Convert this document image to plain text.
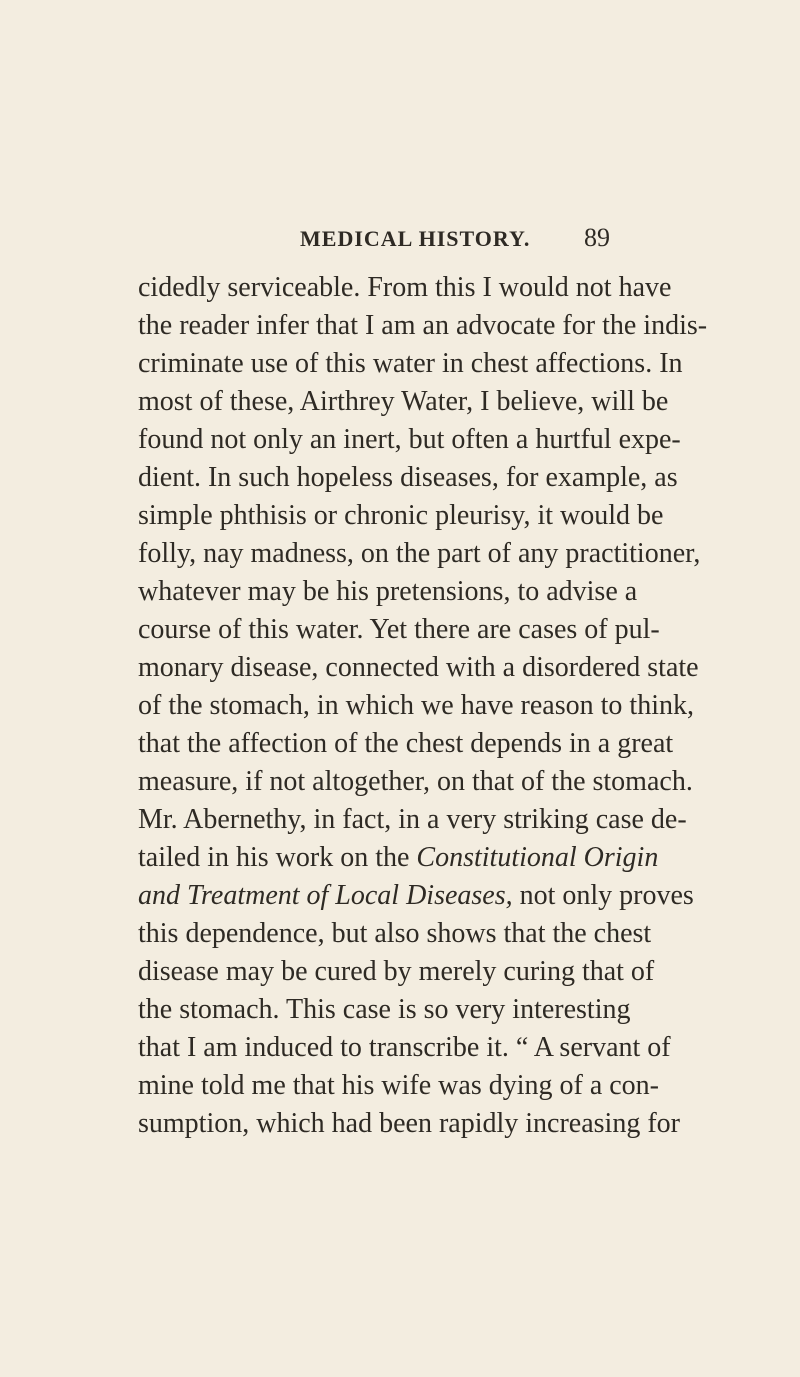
MEDICAL HISTORY. 89
cidedly serviceable. From this I would not have
the reader infer that I am an advocate for the indis-
criminate use of this water in chest affections. In
most of these, Airthrey Water, I believe, will be
found not only an inert, but often a hurtful expe-
dient. In such hopeless diseases, for example, as
simple phthisis or chronic pleurisy, it would be
folly, nay madness, on the part of any practitioner,
whatever may be his pretensions, to advise a
course of this water. Yet there are cases of pul-
monary disease, connected with a disordered state
of the stomach, in which we have reason to think,
that the affection of the chest depends in a great
measure, if not altogether, on that of the stomach.
Mr. Abernethy, in fact, in a very striking case de-
tailed in his work on the Constitutional Origin
and Treatment of Local Diseases, not only proves
this dependence, but also shows that the chest
disease may be cured by merely curing that of
the stomach. This case is so very interesting
that I am induced to transcribe it. “ A servant of
mine told me that his wife was dying of a con-
sumption, which had been rapidly increasing for
